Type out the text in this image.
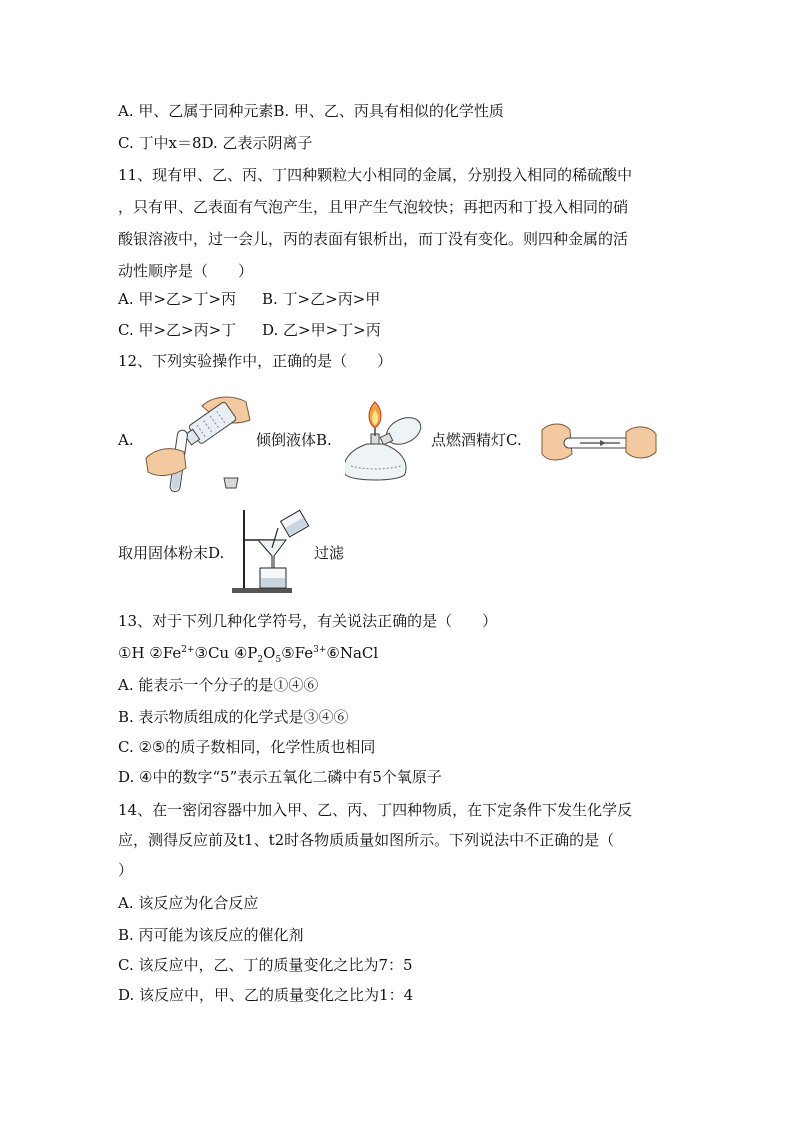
A. 甲、乙属于同种元素B. 甲、乙、丙具有相似的化学性质
C. 丁中x＝8D. 乙表示阴离子
11、现有甲、乙、丙、丁四种颗粒大小相同的金属，分别投入相同的稀硫酸中
，只有甲、乙表面有气泡产生，且甲产生气泡较快；再把丙和丁投入相同的硝
酸银溶液中，过一会儿，丙的表面有银析出，而丁没有变化。则四种金属的活
动性顺序是（　　）
A. 甲>乙>丁>丙 B. 丁>乙>丙>甲
C. 甲>乙>丙>丁 D. 乙>甲>丁>丙
12、下列实验操作中，正确的是（　　）
A.	倾倒液体B.	点燃酒精灯C.
取用固体粉末D.	过滤
13、对于下列几种化学符号，有关说法正确的是（　　）
①H $②Fe^{2+}③Cu$ $④P_2O_5⑤Fe^{3+}⑥NaCl$
A. 能表示一个分子的是①④⑥
B. 表示物质组成的化学式是③④⑥
C. ②⑤的质子数相同，化学性质也相同
D. ④中的数字“5”表示五氧化二磷中有5个氧原子
14、在一密闭容器中加入甲、乙、丙、丁四种物质，在下定条件下发生化学反
应，测得反应前及t1、t2时各物质质量如图所示。下列说法中不正确的是（
）
A. 该反应为化合反应
B. 丙可能为该反应的催化剂
C. 该反应中，乙、丁的质量变化之比为7：5
D. 该反应中，甲、乙的质量变化之比为1：4
